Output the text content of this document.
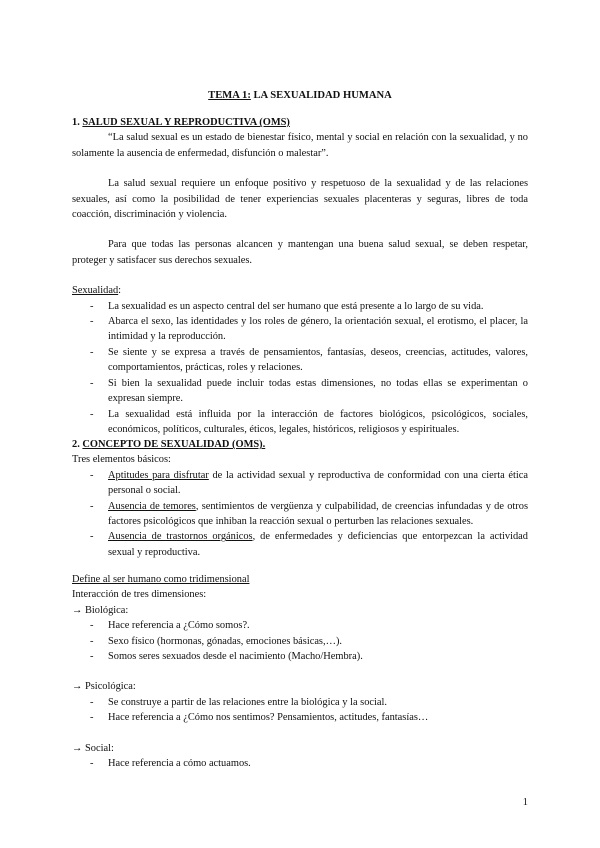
TEMA 1: LA SEXUALIDAD HUMANA
1. SALUD SEXUAL Y REPRODUCTIVA (OMS)
“La salud sexual es un estado de bienestar físico, mental y social en relación con la sexualidad, y no solamente la ausencia de enfermedad, disfunción o malestar”.
La salud sexual requiere un enfoque positivo y respetuoso de la sexualidad y de las relaciones sexuales, así como la posibilidad de tener experiencias sexuales placenteras y seguras, libres de toda coacción, discriminación y violencia.
Para que todas las personas alcancen y mantengan una buena salud sexual, se deben respetar, proteger y satisfacer sus derechos sexuales.
Sexualidad:
- La sexualidad es un aspecto central del ser humano que está presente a lo largo de su vida.
- Abarca el sexo, las identidades y los roles de género, la orientación sexual, el erotismo, el placer, la intimidad y la reproducción.
- Se siente y se expresa a través de pensamientos, fantasías, deseos, creencias, actitudes, valores, comportamientos, prácticas, roles y relaciones.
- Si bien la sexualidad puede incluir todas estas dimensiones, no todas ellas se experimentan o expresan siempre.
- La sexualidad está influida por la interacción de factores biológicos, psicológicos, sociales, económicos, políticos, culturales, éticos, legales, históricos, religiosos y espirituales.
2. CONCEPTO DE SEXUALIDAD (OMS).
Tres elementos básicos:
- Aptitudes para disfrutar de la actividad sexual y reproductiva de conformidad con una cierta ética personal o social.
- Ausencia de temores, sentimientos de vergüenza y culpabilidad, de creencias infundadas y de otros factores psicológicos que inhiban la reacción sexual o perturben las relaciones sexuales.
- Ausencia de trastornos orgánicos, de enfermedades y deficiencias que entorpezcan la actividad sexual y reproductiva.
Define al ser humano como tridimensional
Interacción de tres dimensiones:
→ Biológica:
- Hace referencia a ¿Cómo somos?.
- Sexo físico (hormonas, gónadas, emociones básicas,…).
- Somos seres sexuados desde el nacimiento (Macho/Hembra).
→ Psicológica:
- Se construye a partir de las relaciones entre la biológica y la social.
- Hace referencia a ¿Cómo nos sentimos? Pensamientos, actitudes, fantasías…
→ Social:
- Hace referencia a cómo actuamos.
1
